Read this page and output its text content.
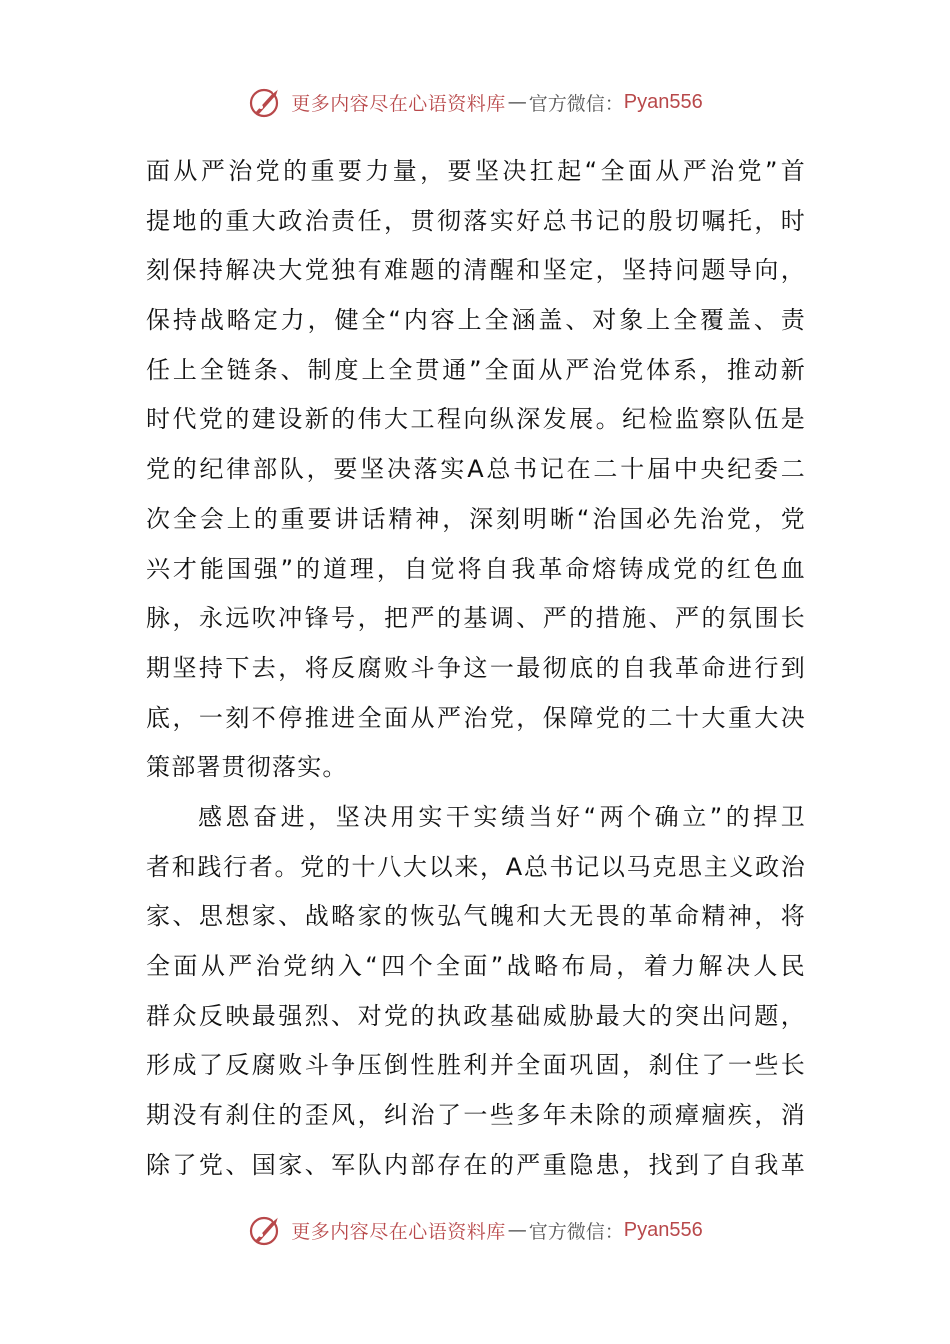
更多内容尽在心语资料库 — 官方微信： Pyan556
面从严治党的重要力量，要坚决扛起“全面从严治党”首
提地的重大政治责任，贯彻落实好总书记的殷切嘱托，时
刻保持解决大党独有难题的清醒和坚定，坚持问题导向，
保持战略定力，健全“内容上全涵盖、对象上全覆盖、责
任上全链条、制度上全贯通”全面从严治党体系，推动新
时代党的建设新的伟大工程向纵深发展。纪检监察队伍是
党的纪律部队，要坚决落实A总书记在二十届中央纪委二
次全会上的重要讲话精神，深刻明晰“治国必先治党，党
兴才能国强”的道理，自觉将自我革命熔铸成党的红色血
脉，永远吹冲锋号，把严的基调、严的措施、严的氛围长
期坚持下去，将反腐败斗争这一最彻底的自我革命进行到
底，一刻不停推进全面从严治党，保障党的二十大重大决
策部署贯彻落实。
感恩奋进，坚决用实干实绩当好“两个确立”的捍卫
者和践行者。党的十八大以来，A总书记以马克思主义政治
家、思想家、战略家的恢弘气魄和大无畏的革命精神，将
全面从严治党纳入“四个全面”战略布局，着力解决人民
群众反映最强烈、对党的执政基础威胁最大的突出问题，
形成了反腐败斗争压倒性胜利并全面巩固，刹住了一些长
期没有刹住的歪风，纠治了一些多年未除的顽瘴痼疾，消
除了党、国家、军队内部存在的严重隐患，找到了自我革
更多内容尽在心语资料库 — 官方微信： Pyan556
